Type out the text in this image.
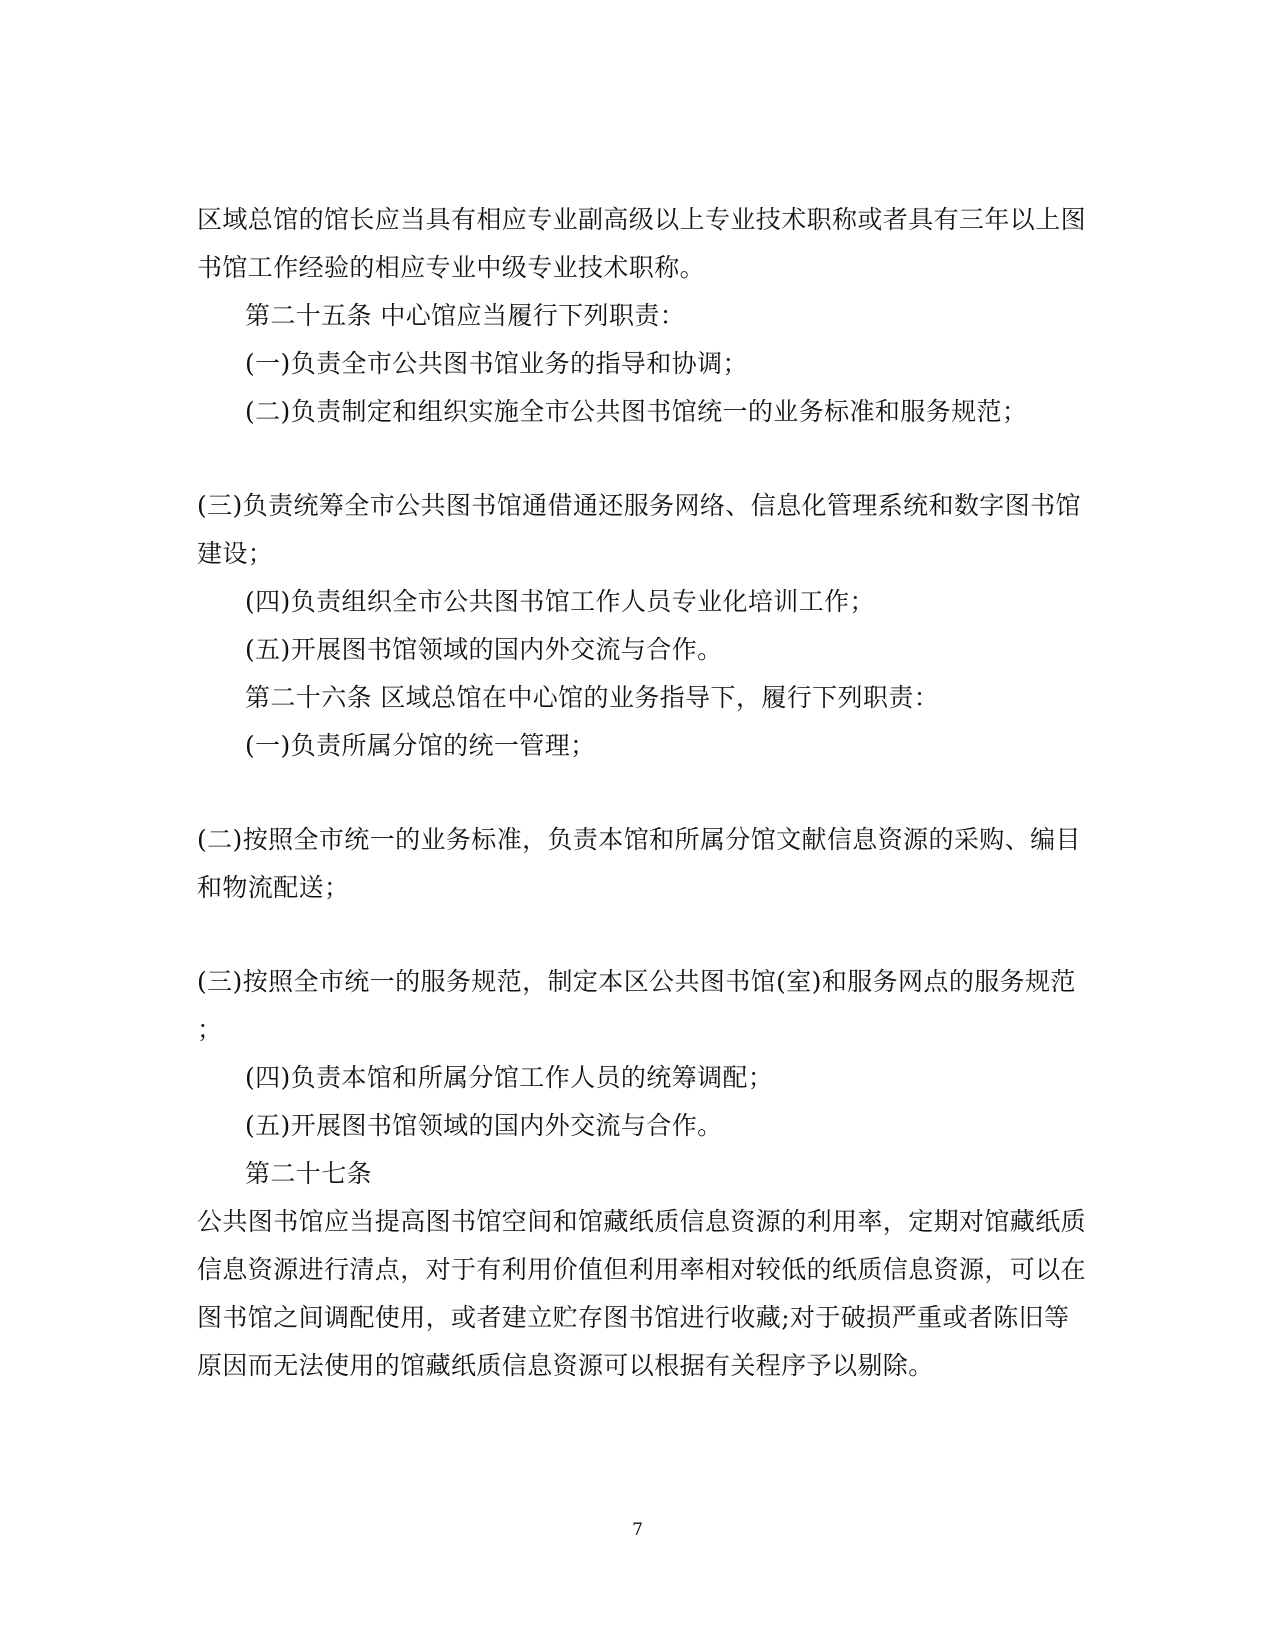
区域总馆的馆长应当具有相应专业副高级以上专业技术职称或者具有三年以上图
书馆工作经验的相应专业中级专业技术职称。
第二十五条 中心馆应当履行下列职责：
(一)负责全市公共图书馆业务的指导和协调；
(二)负责制定和组织实施全市公共图书馆统一的业务标准和服务规范；
(三)负责统筹全市公共图书馆通借通还服务网络、信息化管理系统和数字图书馆
建设；
(四)负责组织全市公共图书馆工作人员专业化培训工作；
(五)开展图书馆领域的国内外交流与合作。
第二十六条 区域总馆在中心馆的业务指导下，履行下列职责：
(一)负责所属分馆的统一管理；
(二)按照全市统一的业务标准，负责本馆和所属分馆文献信息资源的采购、编目
和物流配送；
(三)按照全市统一的服务规范，制定本区公共图书馆(室)和服务网点的服务规范
；
(四)负责本馆和所属分馆工作人员的统筹调配；
(五)开展图书馆领域的国内外交流与合作。
第二十七条
公共图书馆应当提高图书馆空间和馆藏纸质信息资源的利用率，定期对馆藏纸质
信息资源进行清点，对于有利用价值但利用率相对较低的纸质信息资源，可以在
图书馆之间调配使用，或者建立贮存图书馆进行收藏;对于破损严重或者陈旧等
原因而无法使用的馆藏纸质信息资源可以根据有关程序予以剔除。
7
